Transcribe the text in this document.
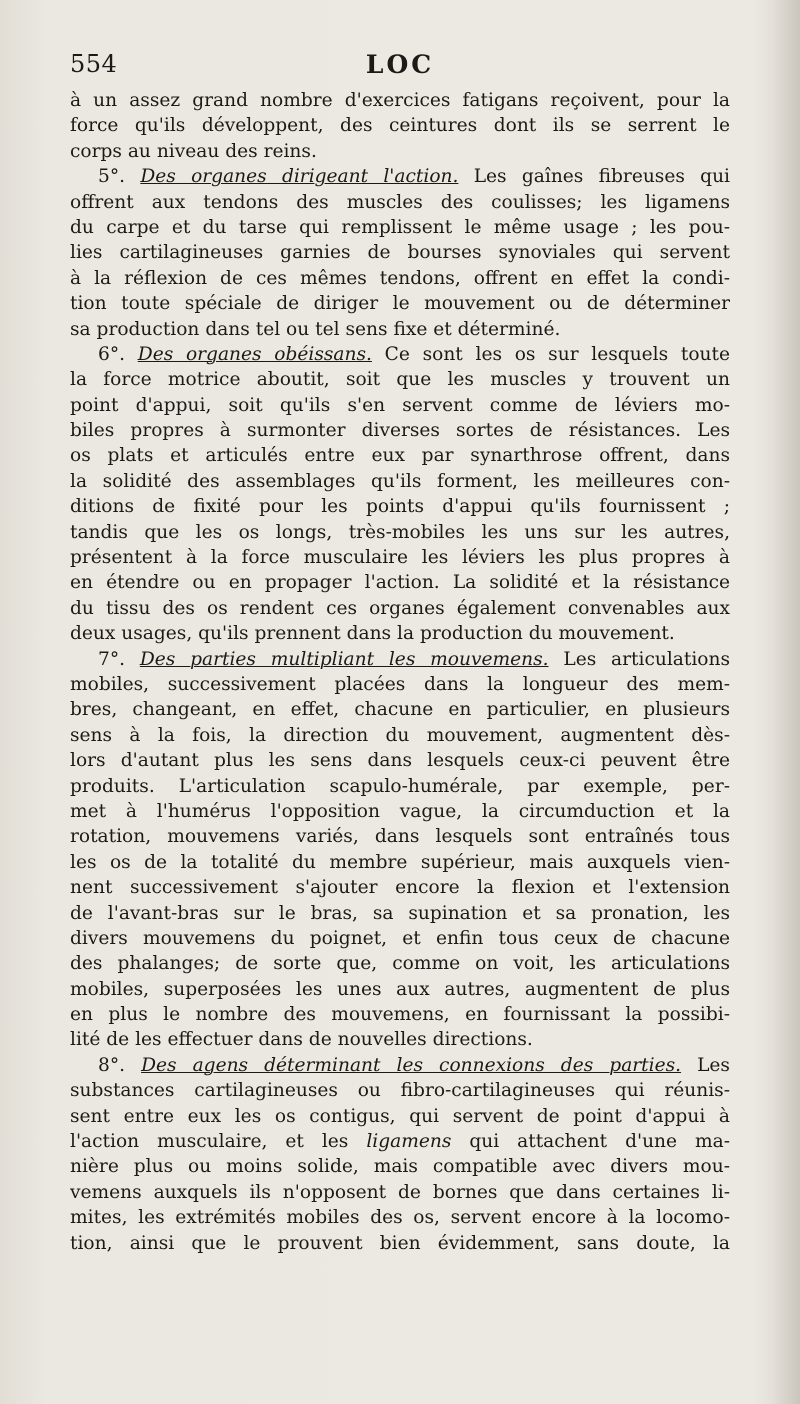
554	LOC
à un assez grand nombre d'exercices fatigans reçoivent, pour la
force qu'ils développent, des ceintures dont ils se serrent le
corps au niveau des reins.
5°. Des organes dirigeant l'action. Les gaînes fibreuses qui
offrent aux tendons des muscles des coulisses; les ligamens
du carpe et du tarse qui remplissent le même usage ; les pou-
lies cartilagineuses garnies de bourses synoviales qui servent
à la réflexion de ces mêmes tendons, offrent en effet la condi-
tion toute spéciale de diriger le mouvement ou de déterminer
sa production dans tel ou tel sens fixe et déterminé.
6°. Des organes obéissans. Ce sont les os sur lesquels toute
la force motrice aboutit, soit que les muscles y trouvent un
point d'appui, soit qu'ils s'en servent comme de léviers mo-
biles propres à surmonter diverses sortes de résistances. Les
os plats et articulés entre eux par synarthrose offrent, dans
la solidité des assemblages qu'ils forment, les meilleures con-
ditions de fixité pour les points d'appui qu'ils fournissent ;
tandis que les os longs, très-mobiles les uns sur les autres,
présentent à la force musculaire les léviers les plus propres à
en étendre ou en propager l'action. La solidité et la résistance
du tissu des os rendent ces organes également convenables aux
deux usages, qu'ils prennent dans la production du mouvement.
7°. Des parties multipliant les mouvemens. Les articulations
mobiles, successivement placées dans la longueur des mem-
bres, changeant, en effet, chacune en particulier, en plusieurs
sens à la fois, la direction du mouvement, augmentent dès-
lors d'autant plus les sens dans lesquels ceux-ci peuvent être
produits. L'articulation scapulo-humérale, par exemple, per-
met à l'humérus l'opposition vague, la circumduction et la
rotation, mouvemens variés, dans lesquels sont entraînés tous
les os de la totalité du membre supérieur, mais auxquels vien-
nent successivement s'ajouter encore la flexion et l'extension
de l'avant-bras sur le bras, sa supination et sa pronation, les
divers mouvemens du poignet, et enfin tous ceux de chacune
des phalanges; de sorte que, comme on voit, les articulations
mobiles, superposées les unes aux autres, augmentent de plus
en plus le nombre des mouvemens, en fournissant la possibi-
lité de les effectuer dans de nouvelles directions.
8°. Des agens déterminant les connexions des parties. Les
substances cartilagineuses ou fibro-cartilagineuses qui réunis-
sent entre eux les os contigus, qui servent de point d'appui à
l'action musculaire, et les ligamens qui attachent d'une ma-
nière plus ou moins solide, mais compatible avec divers mou-
vemens auxquels ils n'opposent de bornes que dans certaines li-
mites, les extrémités mobiles des os, servent encore à la locomo-
tion, ainsi que le prouvent bien évidemment, sans doute, la
